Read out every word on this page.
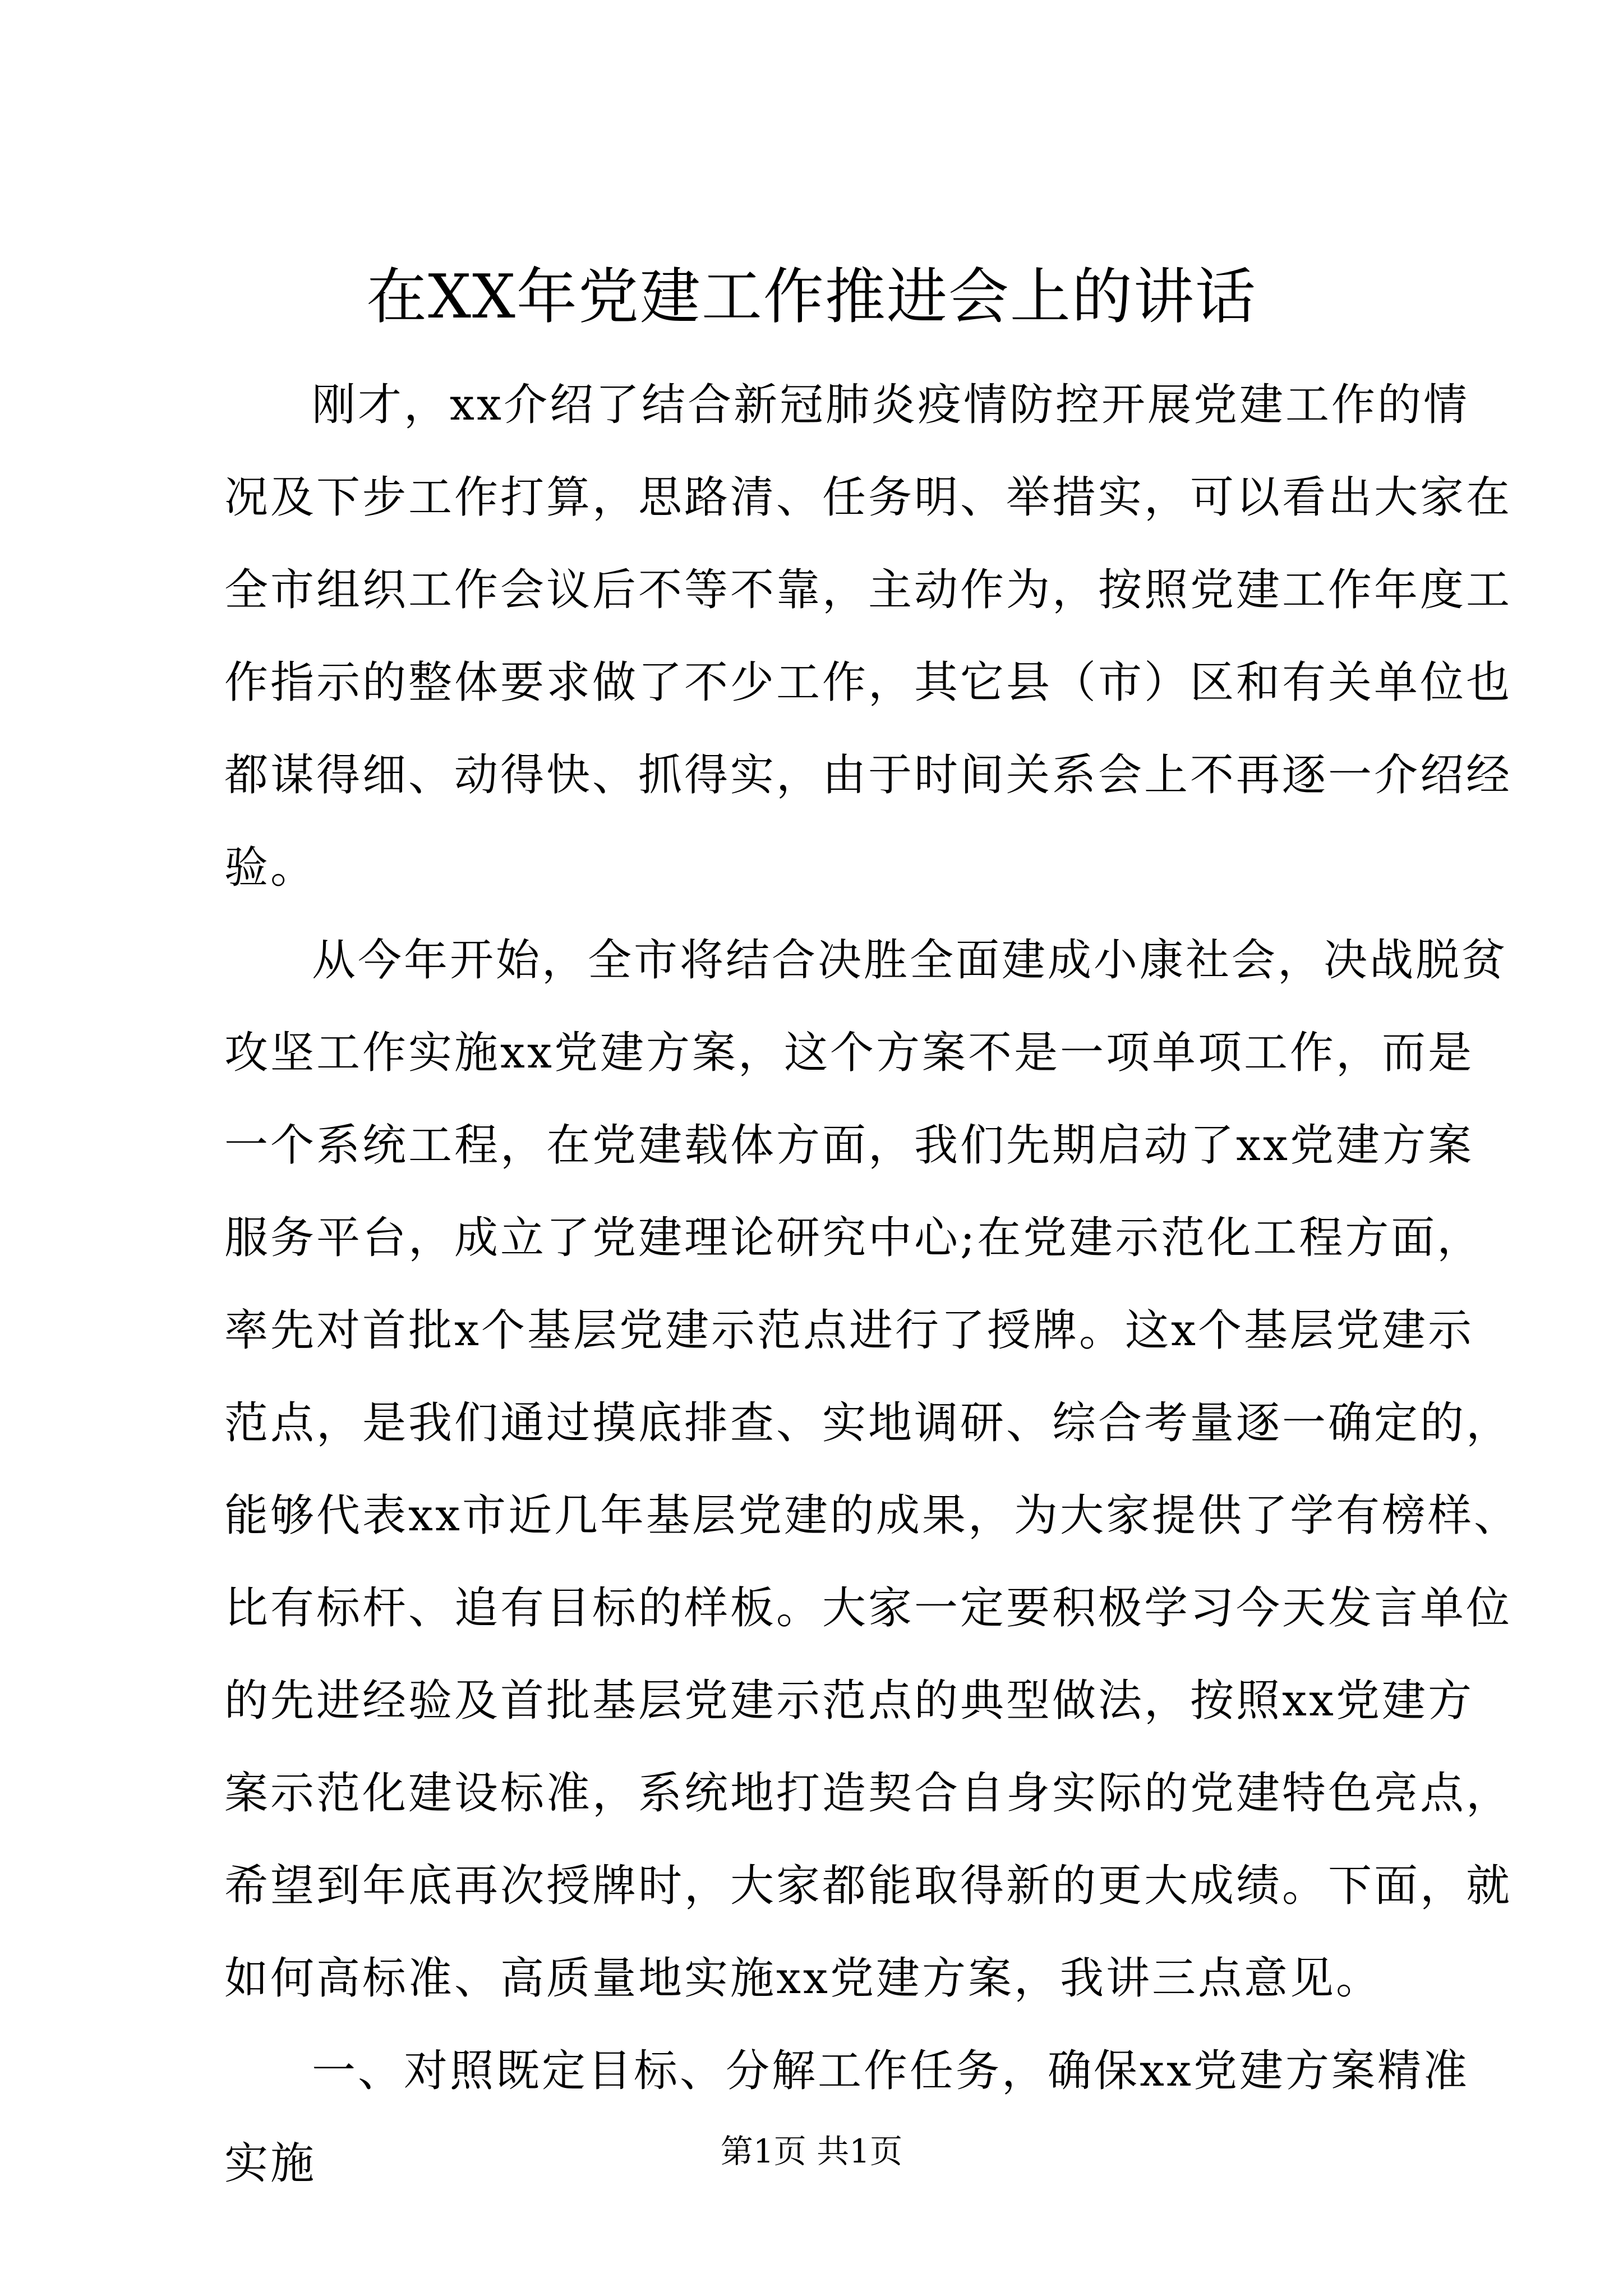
在XX年党建工作推进会上的讲话

刚才，xx介绍了结合新冠肺炎疫情防控开展党建工作的情
况及下步工作打算，思路清、任务明、举措实，可以看出大家在
全市组织工作会议后不等不靠，主动作为，按照党建工作年度工
作指示的整体要求做了不少工作，其它县（市）区和有关单位也
都谋得细、动得快、抓得实，由于时间关系会上不再逐一介绍经
验。

从今年开始，全市将结合决胜全面建成小康社会，决战脱贫
攻坚工作实施xx党建方案，这个方案不是一项单项工作，而是
一个系统工程，在党建载体方面，我们先期启动了xx党建方案
服务平台，成立了党建理论研究中心;在党建示范化工程方面，
率先对首批x个基层党建示范点进行了授牌。这x个基层党建示
范点，是我们通过摸底排查、实地调研、综合考量逐一确定的，
能够代表xx市近几年基层党建的成果，为大家提供了学有榜样、
比有标杆、追有目标的样板。大家一定要积极学习今天发言单位
的先进经验及首批基层党建示范点的典型做法，按照xx党建方
案示范化建设标准，系统地打造契合自身实际的党建特色亮点，
希望到年底再次授牌时，大家都能取得新的更大成绩。下面，就
如何高标准、高质量地实施xx党建方案，我讲三点意见。

一、对照既定目标、分解工作任务，确保xx党建方案精准
实施	第1页 共1页
